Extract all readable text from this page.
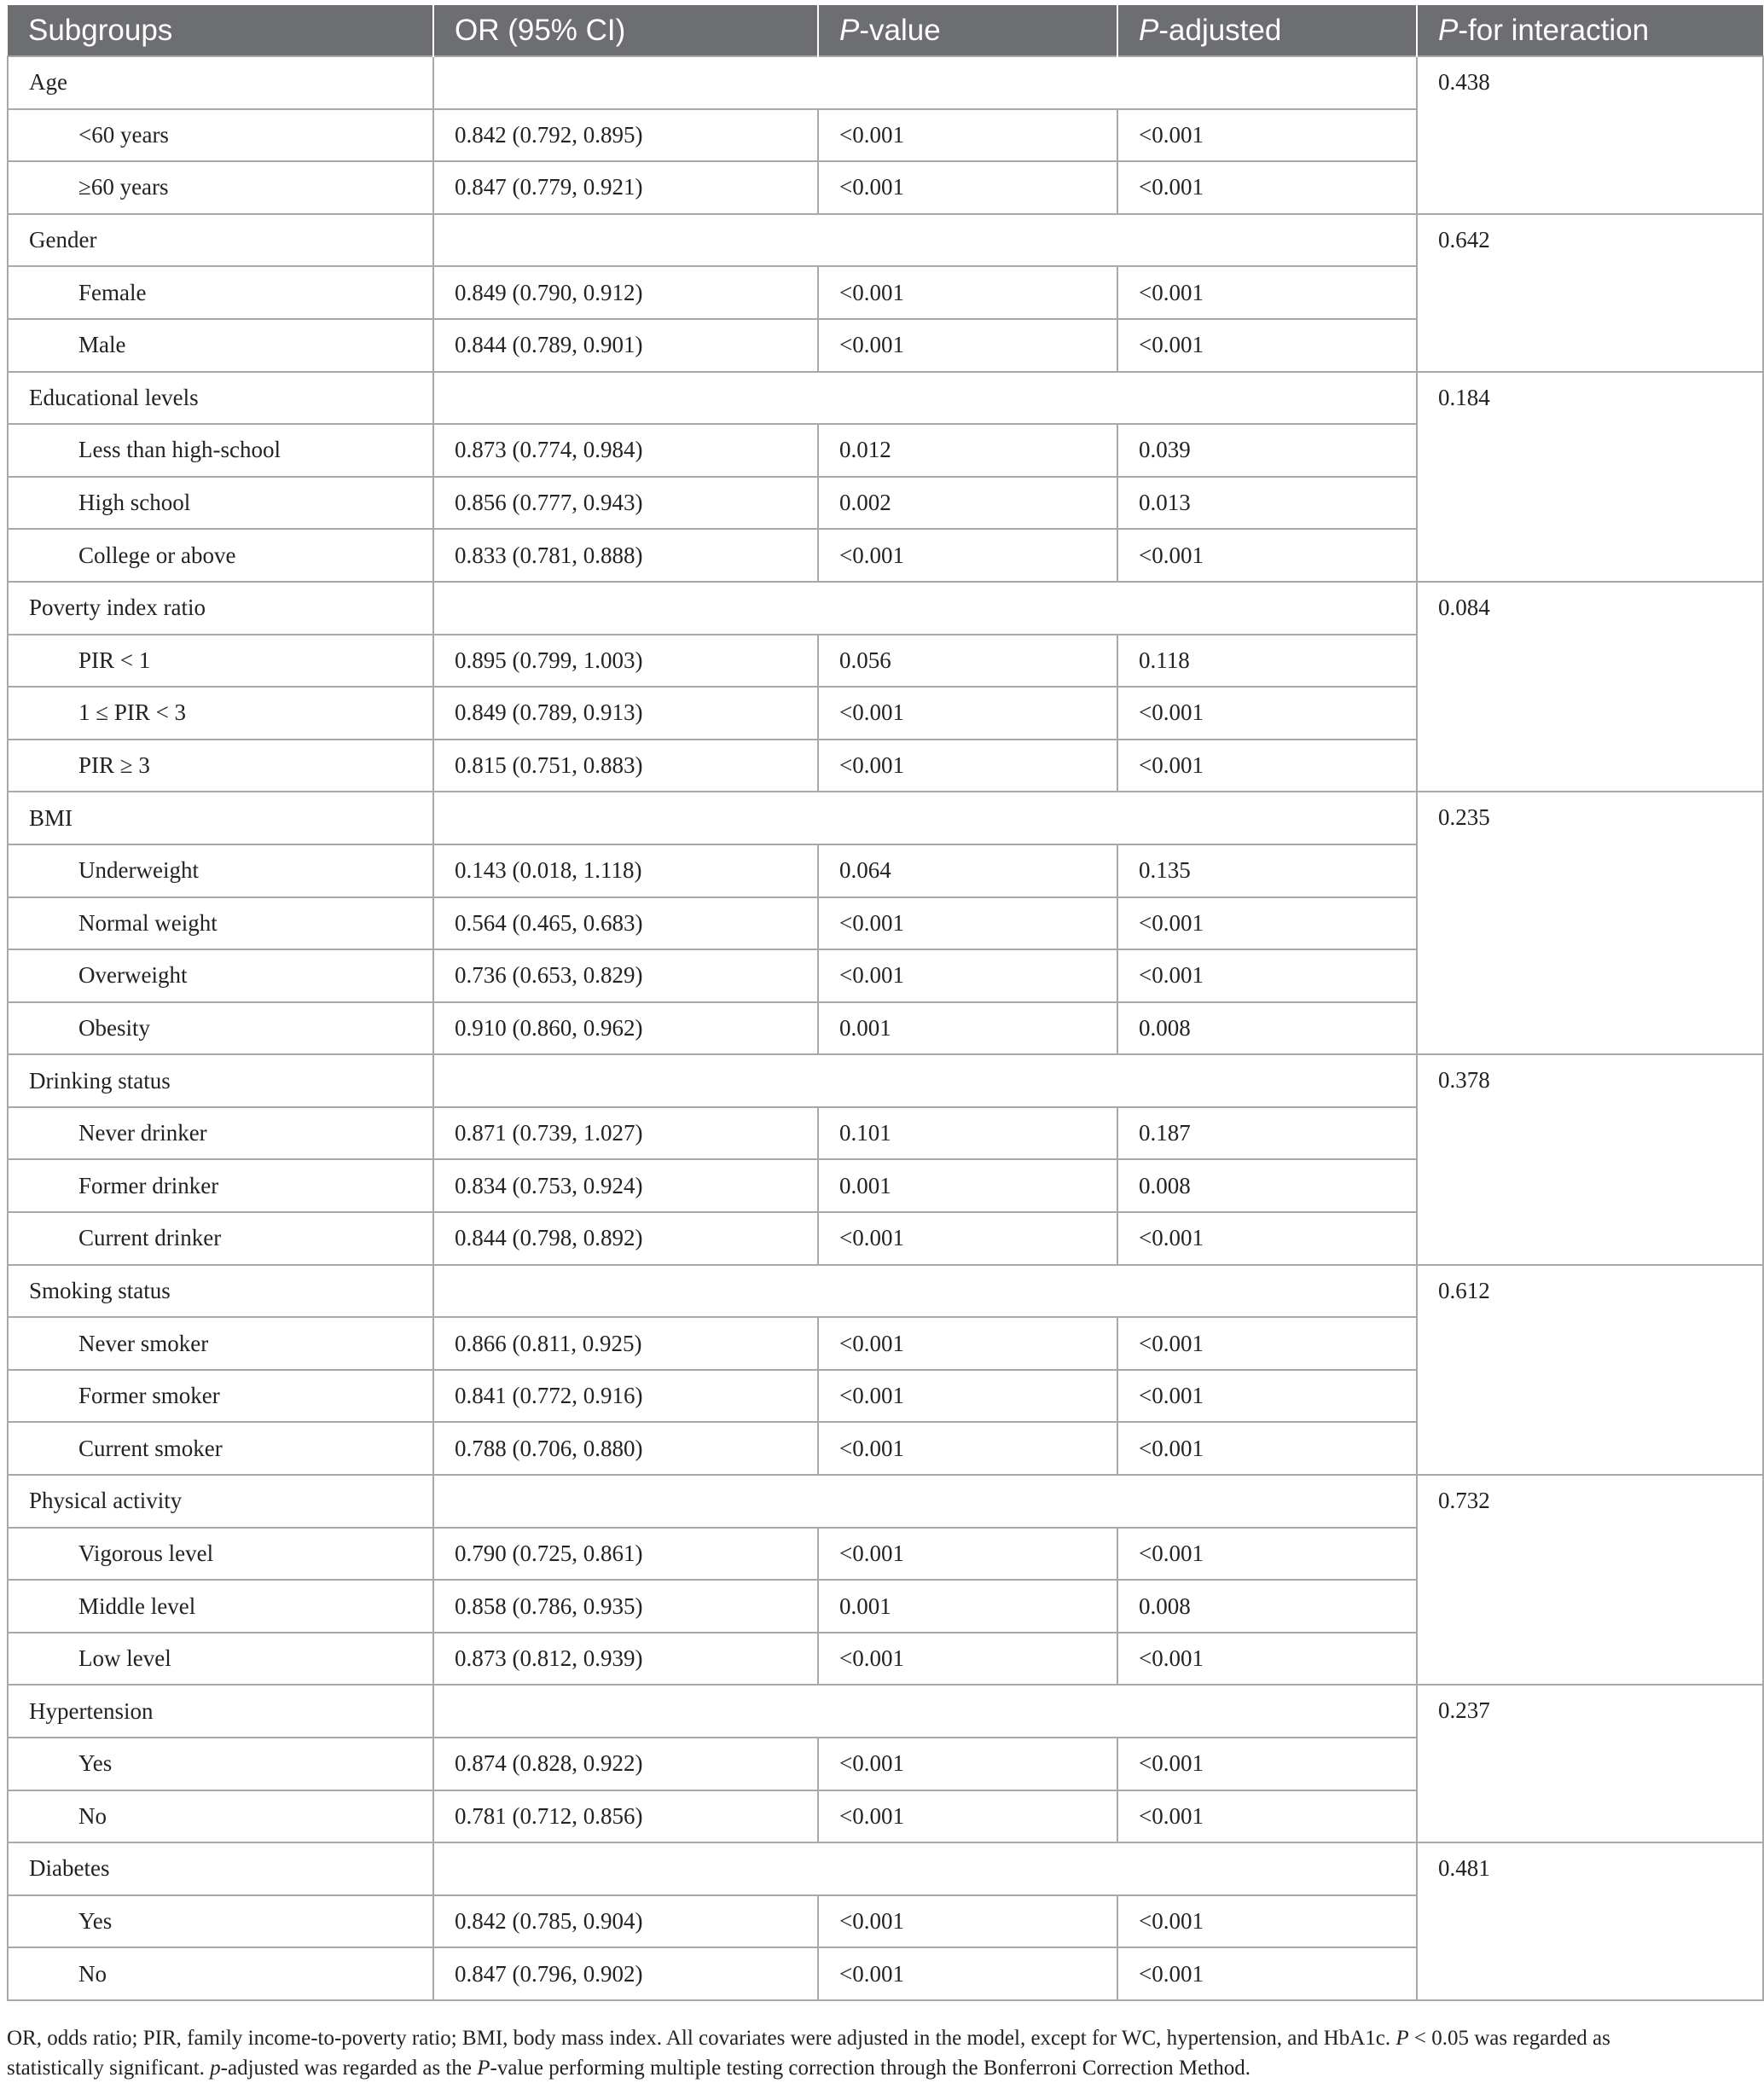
Subgroups	OR (95% CI)	P-value	P-adjusted	P-for interaction
Age				0.438
<60 years	0.842 (0.792, 0.895)	<0.001	<0.001	
≥60 years	0.847 (0.779, 0.921)	<0.001	<0.001	
Gender				0.642
Female	0.849 (0.790, 0.912)	<0.001	<0.001	
Male	0.844 (0.789, 0.901)	<0.001	<0.001	
Educational levels				0.184
Less than high-school	0.873 (0.774, 0.984)	0.012	0.039	
High school	0.856 (0.777, 0.943)	0.002	0.013	
College or above	0.833 (0.781, 0.888)	<0.001	<0.001	
Poverty index ratio				0.084
PIR < 1	0.895 (0.799, 1.003)	0.056	0.118	
1 ≤ PIR < 3	0.849 (0.789, 0.913)	<0.001	<0.001	
PIR ≥ 3	0.815 (0.751, 0.883)	<0.001	<0.001	
BMI				0.235
Underweight	0.143 (0.018, 1.118)	0.064	0.135	
Normal weight	0.564 (0.465, 0.683)	<0.001	<0.001	
Overweight	0.736 (0.653, 0.829)	<0.001	<0.001	
Obesity	0.910 (0.860, 0.962)	0.001	0.008	
Drinking status				0.378
Never drinker	0.871 (0.739, 1.027)	0.101	0.187	
Former drinker	0.834 (0.753, 0.924)	0.001	0.008	
Current drinker	0.844 (0.798, 0.892)	<0.001	<0.001	
Smoking status				0.612
Never smoker	0.866 (0.811, 0.925)	<0.001	<0.001	
Former smoker	0.841 (0.772, 0.916)	<0.001	<0.001	
Current smoker	0.788 (0.706, 0.880)	<0.001	<0.001	
Physical activity				0.732
Vigorous level	0.790 (0.725, 0.861)	<0.001	<0.001	
Middle level	0.858 (0.786, 0.935)	0.001	0.008	
Low level	0.873 (0.812, 0.939)	<0.001	<0.001	
Hypertension				0.237
Yes	0.874 (0.828, 0.922)	<0.001	<0.001	
No	0.781 (0.712, 0.856)	<0.001	<0.001	
Diabetes				0.481
Yes	0.842 (0.785, 0.904)	<0.001	<0.001	
No	0.847 (0.796, 0.902)	<0.001	<0.001	
OR, odds ratio; PIR, family income-to-poverty ratio; BMI, body mass index. All covariates were adjusted in the model, except for WC, hypertension, and HbA1c. P < 0.05 was regarded as
statistically significant. p-adjusted was regarded as the P-value performing multiple testing correction through the Bonferroni Correction Method.
